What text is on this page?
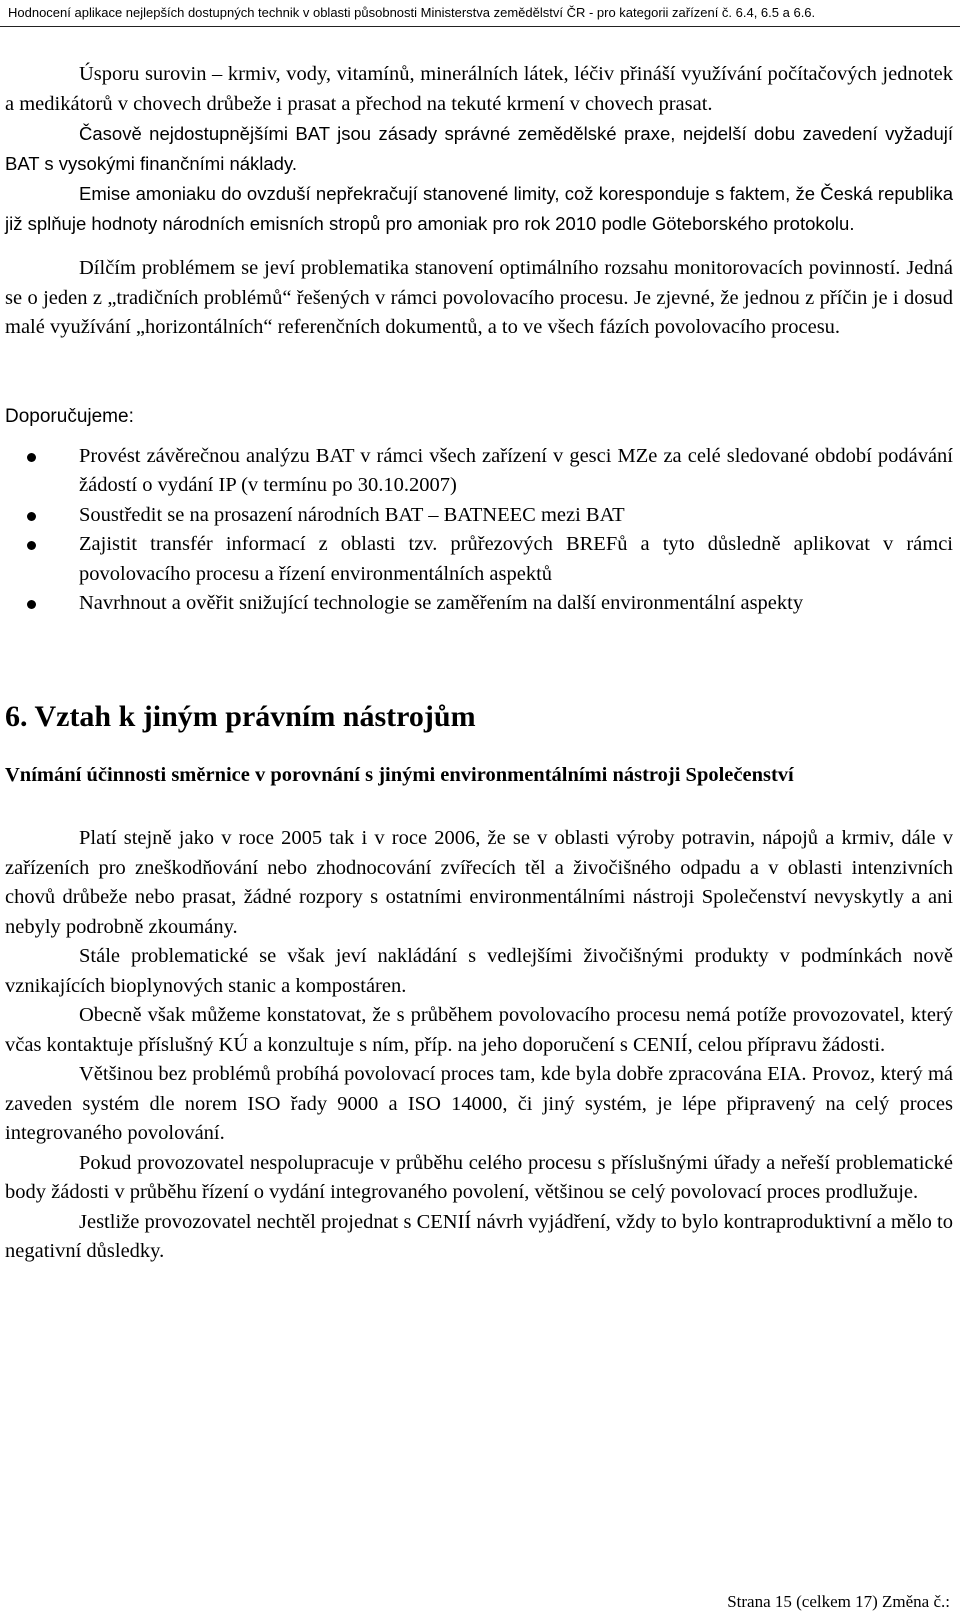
Hodnocení aplikace nejlepších dostupných technik v oblasti působnosti Ministerstva zemědělství ČR - pro kategorii zařízení č. 6.4, 6.5 a 6.6.

Úsporu surovin – krmiv, vody, vitamínů, minerálních látek, léčiv přináší využívání počítačových jednotek a medikátorů v chovech drůbeže i prasat a přechod na tekuté krmení v chovech prasat.

Časově nejdostupnějšími BAT jsou zásady správné zemědělské praxe, nejdelší dobu zavedení vyžadují BAT s vysokými finančními náklady.

Emise amoniaku do ovzduší nepřekračují stanovené limity, což koresponduje s faktem, že Česká republika již splňuje hodnoty národních emisních stropů pro amoniak pro rok 2010 podle Göteborského protokolu.

Dílčím problémem se jeví problematika stanovení optimálního rozsahu monitorovacích povinností. Jedná se o jeden z „tradičních problémů“ řešených v rámci povolovacího procesu. Je zjevné, že jednou z příčin je i dosud malé využívání „horizontálních“ referenčních dokumentů, a to ve všech fázích povolovacího procesu.

Doporučujeme:
Provést závěrečnou analýzu BAT v rámci všech zařízení v gesci MZe za celé sledované období podávání žádostí o vydání IP (v termínu po 30.10.2007)
Soustředit se na prosazení národních BAT – BATNEEC mezi BAT
Zajistit transfér informací z oblasti tzv. průřezových BREFů a tyto důsledně aplikovat v rámci povolovacího procesu a řízení environmentálních aspektů
Navrhnout a ověřit snižující technologie se zaměřením na další environmentální aspekty
6. Vztah k jiným právním nástrojům

Vnímání účinnosti směrnice v porovnání s jinými environmentálními nástroji Společenství

Platí stejně jako v roce 2005 tak i v roce 2006, že se v oblasti výroby potravin, nápojů a krmiv, dále v zařízeních pro zneškodňování nebo zhodnocování zvířecích těl a živočišného odpadu a v oblasti intenzivních chovů drůbeže nebo prasat, žádné rozpory s ostatními environmentálními nástroji Společenství nevyskytly a ani nebyly podrobně zkoumány.

Stále problematické se však jeví nakládání s vedlejšími živočišnými produkty v podmínkách nově vznikajících bioplynových stanic a kompostáren.

Obecně však můžeme konstatovat, že s průběhem povolovacího procesu nemá potíže provozovatel, který včas kontaktuje příslušný KÚ a konzultuje s ním, příp. na jeho doporučení s CENIÍ, celou přípravu žádosti.

Většinou bez problémů probíhá povolovací proces tam, kde byla dobře zpracována EIA. Provoz, který má zaveden systém dle norem ISO řady 9000 a ISO 14000, či jiný systém, je lépe připravený na celý proces integrovaného povolování.

Pokud provozovatel nespolupracuje v průběhu celého procesu s příslušnými úřady a neřeší problematické body žádosti v průběhu řízení o vydání integrovaného povolení, většinou se celý povolovací proces prodlužuje.

Jestliže provozovatel nechtěl projednat s CENIÍ návrh vyjádření, vždy to bylo kontraproduktivní a mělo to negativní důsledky.

Strana 15 (celkem 17) Změna č.:
